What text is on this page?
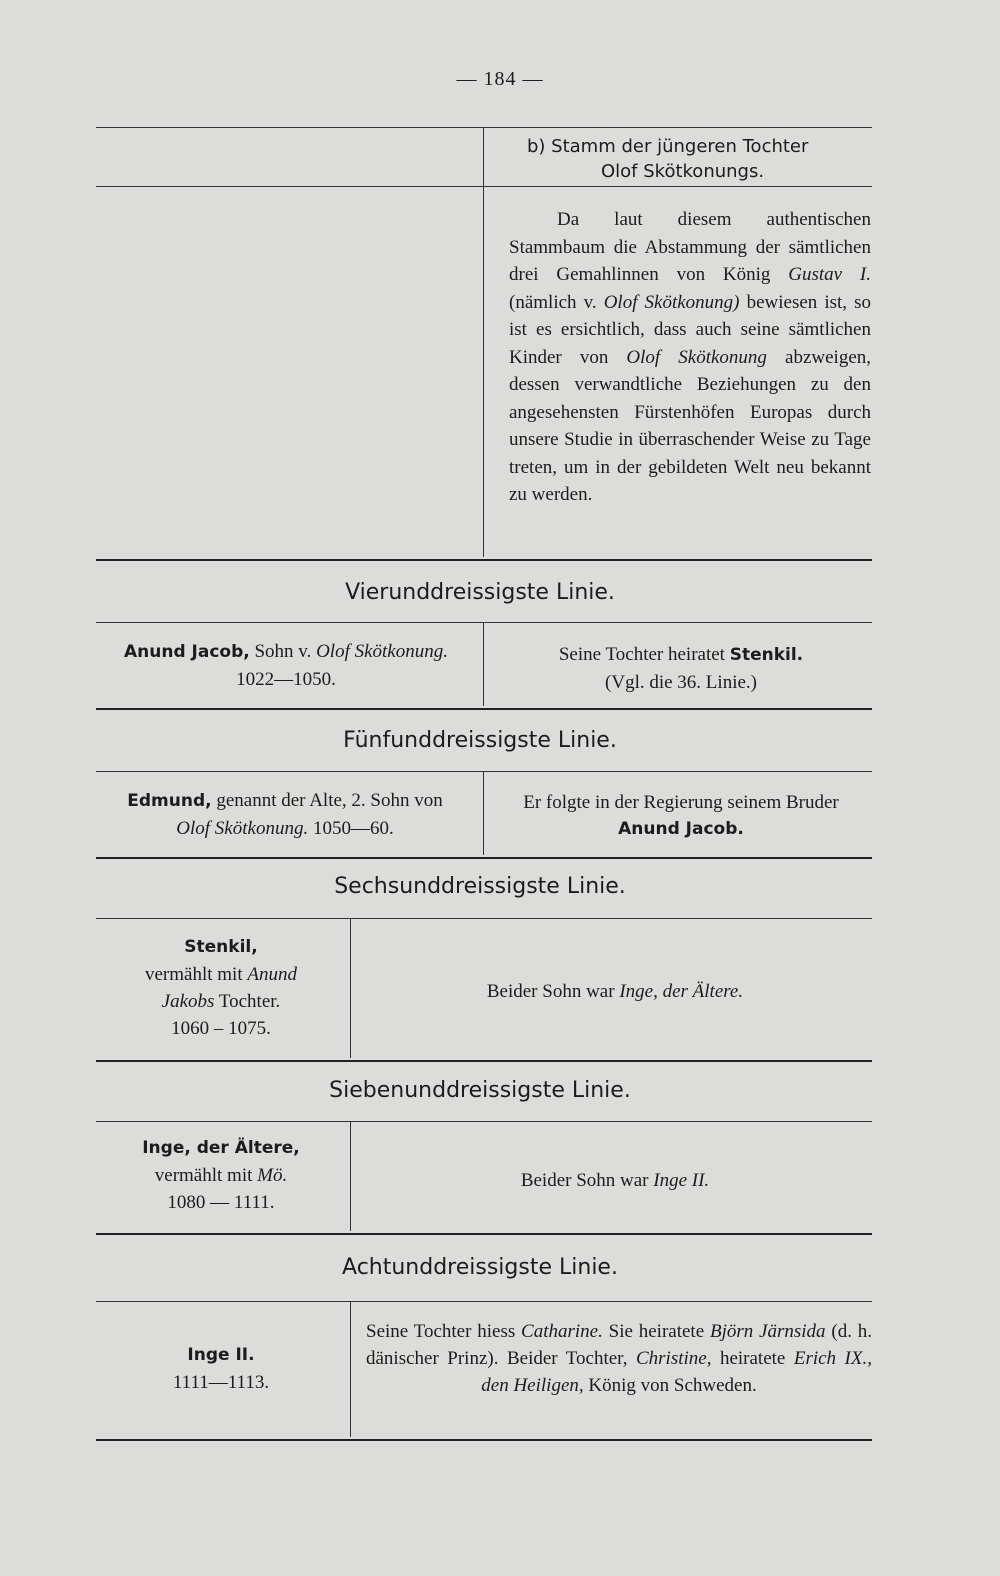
— 184 —
b) Stamm der jüngeren Tochter
Olof Skötkonungs.
Da laut diesem authentischen Stammbaum die Abstammung der sämtlichen drei Gemahlinnen von König Gustav I. (nämlich v. Olof Skötkonung) bewiesen ist, so ist es ersichtlich, dass auch seine sämtlichen Kinder von Olof Skötkonung abzweigen, dessen verwandtliche Beziehungen zu den angesehensten Fürstenhöfen Europas durch unsere Studie in überraschender Weise zu Tage treten, um in der gebildeten Welt neu bekannt zu werden.
Vierunddreissigste Linie.
Anund Jacob, Sohn v. Olof Skötkonung.
1022—1050.
Seine Tochter heiratet Stenkil.
(Vgl. die 36. Linie.)
Fünfunddreissigste Linie.
Edmund, genannt der Alte, 2. Sohn von
Olof Skötkonung. 1050—60.
Er folgte in der Regierung seinem Bruder
Anund Jacob.
Sechsunddreissigste Linie.
Stenkil,
vermählt mit Anund
Jakobs Tochter.
1060 – 1075.
Beider Sohn war Inge, der Ältere.
Siebenunddreissigste Linie.
Inge, der Ältere,
vermählt mit Mö.
1080 — 1111.
Beider Sohn war Inge II.
Achtunddreissigste Linie.
Inge II.
1111—1113.
Seine Tochter hiess Catharine. Sie heiratete Björn Järnsida (d. h. dänischer Prinz). Beider Tochter, Christine, heiratete Erich IX., den Heiligen, König von Schweden.
